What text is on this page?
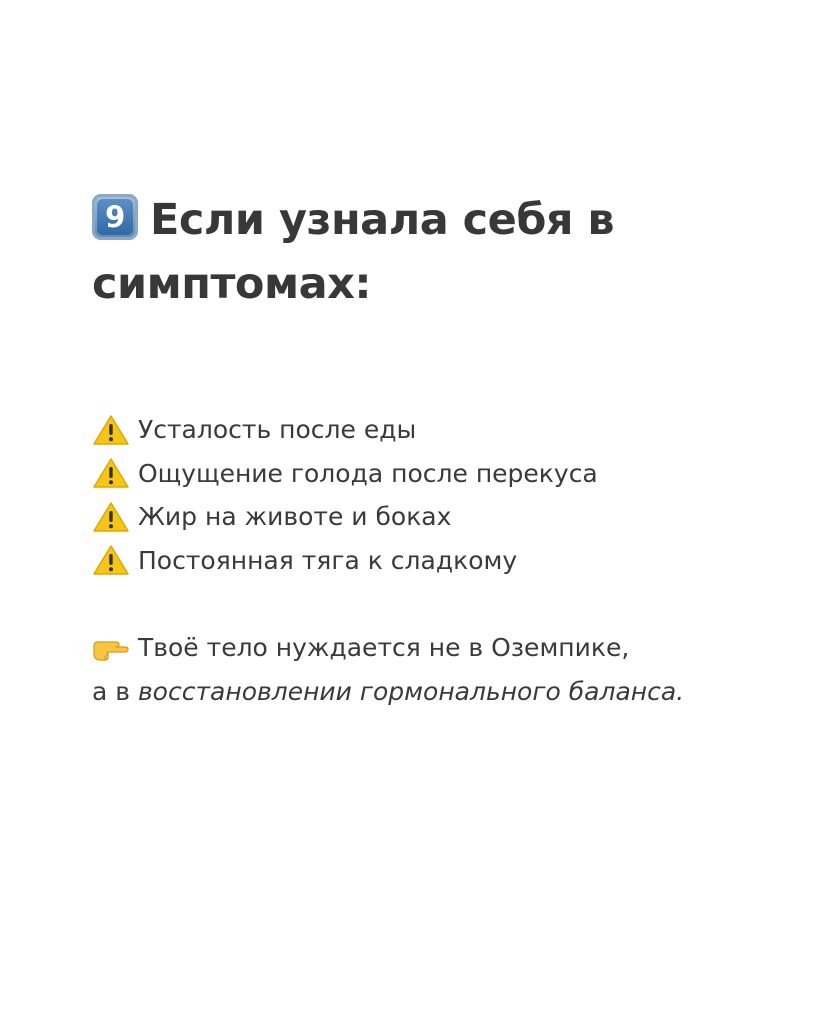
9 Если узнала себя в симптомах:
Усталость после еды
Ощущение голода после перекуса
Жир на животе и боках
Постоянная тяга к сладкому
Твоё тело нуждается не в Оземпике,
а в восстановлении гормонального баланса.
